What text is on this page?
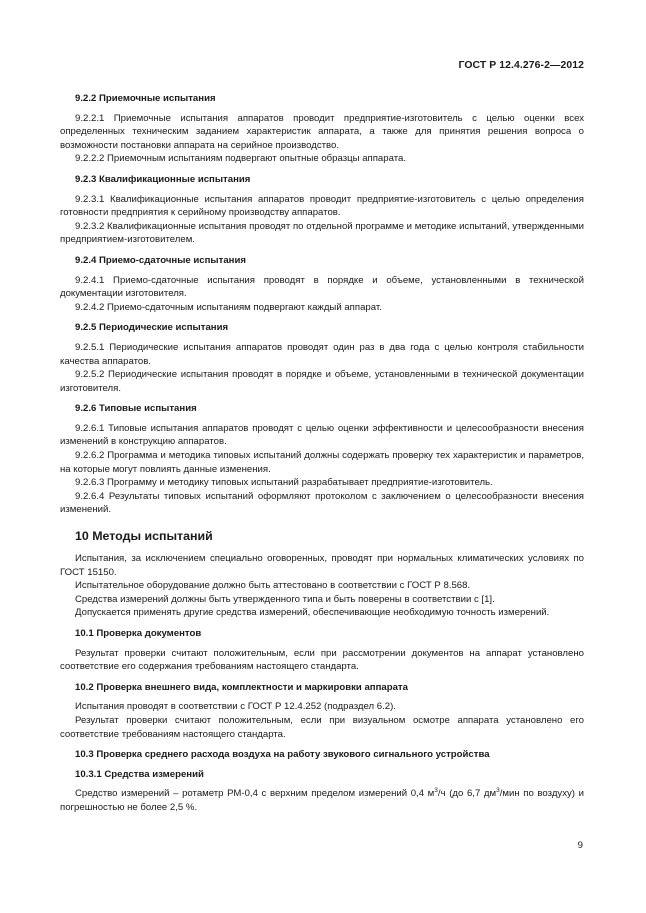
ГОСТ Р 12.4.276-2—2012
9.2.2 Приемочные испытания

9.2.2.1 Приемочные испытания аппаратов проводит предприятие-изготовитель с целью оценки всех определенных техническим заданием характеристик аппарата, а также для принятия решения вопроса о возможности постановки аппарата на серийное производство.

9.2.2.2 Приемочным испытаниям подвергают опытные образцы аппарата.

9.2.3 Квалификационные испытания

9.2.3.1 Квалификационные испытания аппаратов проводит предприятие-изготовитель с целью определения готовности предприятия к серийному производству аппаратов.

9.2.3.2 Квалификационные испытания проводят по отдельной программе и методике испытаний, утвержденными предприятием-изготовителем.

9.2.4 Приемо-сдаточные испытания

9.2.4.1 Приемо-сдаточные испытания проводят в порядке и объеме, установленными в технической документации изготовителя.

9.2.4.2 Приемо-сдаточным испытаниям подвергают каждый аппарат.

9.2.5 Периодические испытания

9.2.5.1 Периодические испытания аппаратов проводят один раз в два года с целью контроля стабильности качества аппаратов.

9.2.5.2 Периодические испытания проводят в порядке и объеме, установленными в технической документации изготовителя.

9.2.6 Типовые испытания

9.2.6.1 Типовые испытания аппаратов проводят с целью оценки эффективности и целесообразности внесения изменений в конструкцию аппаратов.

9.2.6.2 Программа и методика типовых испытаний должны содержать проверку тех характеристик и параметров, на которые могут повлиять данные изменения.

9.2.6.3 Программу и методику типовых испытаний разрабатывает предприятие-изготовитель.

9.2.6.4 Результаты типовых испытаний оформляют протоколом с заключением о целесообразности внесения изменений.

10 Методы испытаний

Испытания, за исключением специально оговоренных, проводят при нормальных климатических условиях по ГОСТ 15150.

Испытательное оборудование должно быть аттестовано в соответствии с ГОСТ Р 8.568.

Средства измерений должны быть утвержденного типа и быть поверены в соответствии с [1].

Допускается применять другие средства измерений, обеспечивающие необходимую точность измерений.

10.1 Проверка документов

Результат проверки считают положительным, если при рассмотрении документов на аппарат установлено соответствие его содержания требованиям настоящего стандарта.

10.2 Проверка внешнего вида, комплектности и маркировки аппарата

Испытания проводят в соответствии с ГОСТ Р 12.4.252 (подраздел 6.2).

Результат проверки считают положительным, если при визуальном осмотре аппарата установлено его соответствие требованиям настоящего стандарта.

10.3 Проверка среднего расхода воздуха на работу звукового сигнального устройства
10.3.1 Средства измерений

Средство измерений ‒ ротаметр РМ-0,4 с верхним пределом измерений 0,4 $м^3/ч$ (до 6,7 $дм^3$/мин по воздуху) и погрешностью не более 2,5 %.

9
